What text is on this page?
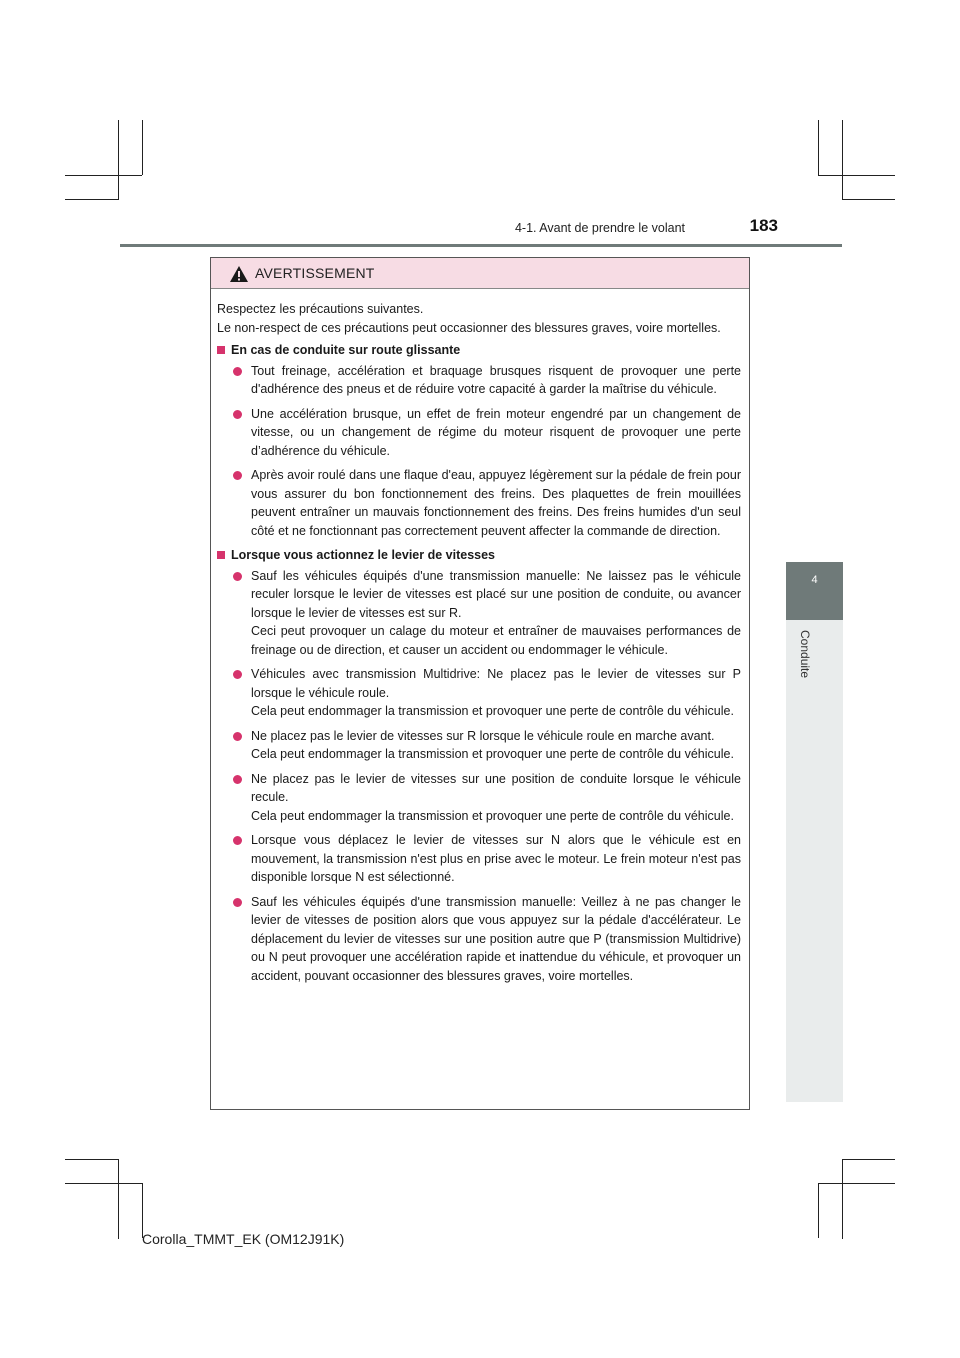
4-1. Avant de prendre le volant	183
4
Conduite
AVERTISSEMENT
Respectez les précautions suivantes.
Le non-respect de ces précautions peut occasionner des blessures graves, voire mortelles.
En cas de conduite sur route glissante
Tout freinage, accélération et braquage brusques risquent de provoquer une perte d'adhérence des pneus et de réduire votre capacité à garder la maîtrise du véhicule.
Une accélération brusque, un effet de frein moteur engendré par un changement de vitesse, ou un changement de régime du moteur risquent de provoquer une perte d’adhérence du véhicule.
Après avoir roulé dans une flaque d'eau, appuyez légèrement sur la pédale de frein pour vous assurer du bon fonctionnement des freins. Des plaquettes de frein mouillées peuvent entraîner un mauvais fonctionnement des freins. Des freins humides d'un seul côté et ne fonctionnant pas correctement peuvent affecter la commande de direction.
Lorsque vous actionnez le levier de vitesses
Sauf les véhicules équipés d'une transmission manuelle: Ne laissez pas le véhicule reculer lorsque le levier de vitesses est placé sur une position de conduite, ou avancer lorsque le levier de vitesses est sur R.
Ceci peut provoquer un calage du moteur et entraîner de mauvaises performances de freinage ou de direction, et causer un accident ou endommager le véhicule.
Véhicules avec transmission Multidrive: Ne placez pas le levier de vitesses sur P lorsque le véhicule roule.
Cela peut endommager la transmission et provoquer une perte de contrôle du véhicule.
Ne placez pas le levier de vitesses sur R lorsque le véhicule roule en marche avant.
Cela peut endommager la transmission et provoquer une perte de contrôle du véhicule.
Ne placez pas le levier de vitesses sur une position de conduite lorsque le véhicule recule.
Cela peut endommager la transmission et provoquer une perte de contrôle du véhicule.
Lorsque vous déplacez le levier de vitesses sur N alors que le véhicule est en mouvement, la transmission n'est plus en prise avec le moteur. Le frein moteur n'est pas disponible lorsque N est sélectionné.
Sauf les véhicules équipés d'une transmission manuelle: Veillez à ne pas changer le levier de vitesses de position alors que vous appuyez sur la pédale d'accélérateur. Le déplacement du levier de vitesses sur une position autre que P (transmission Multidrive) ou N peut provoquer une accélération rapide et inattendue du véhicule, et provoquer un accident, pouvant occasionner des blessures graves, voire mortelles.
Corolla_TMMT_EK (OM12J91K)
